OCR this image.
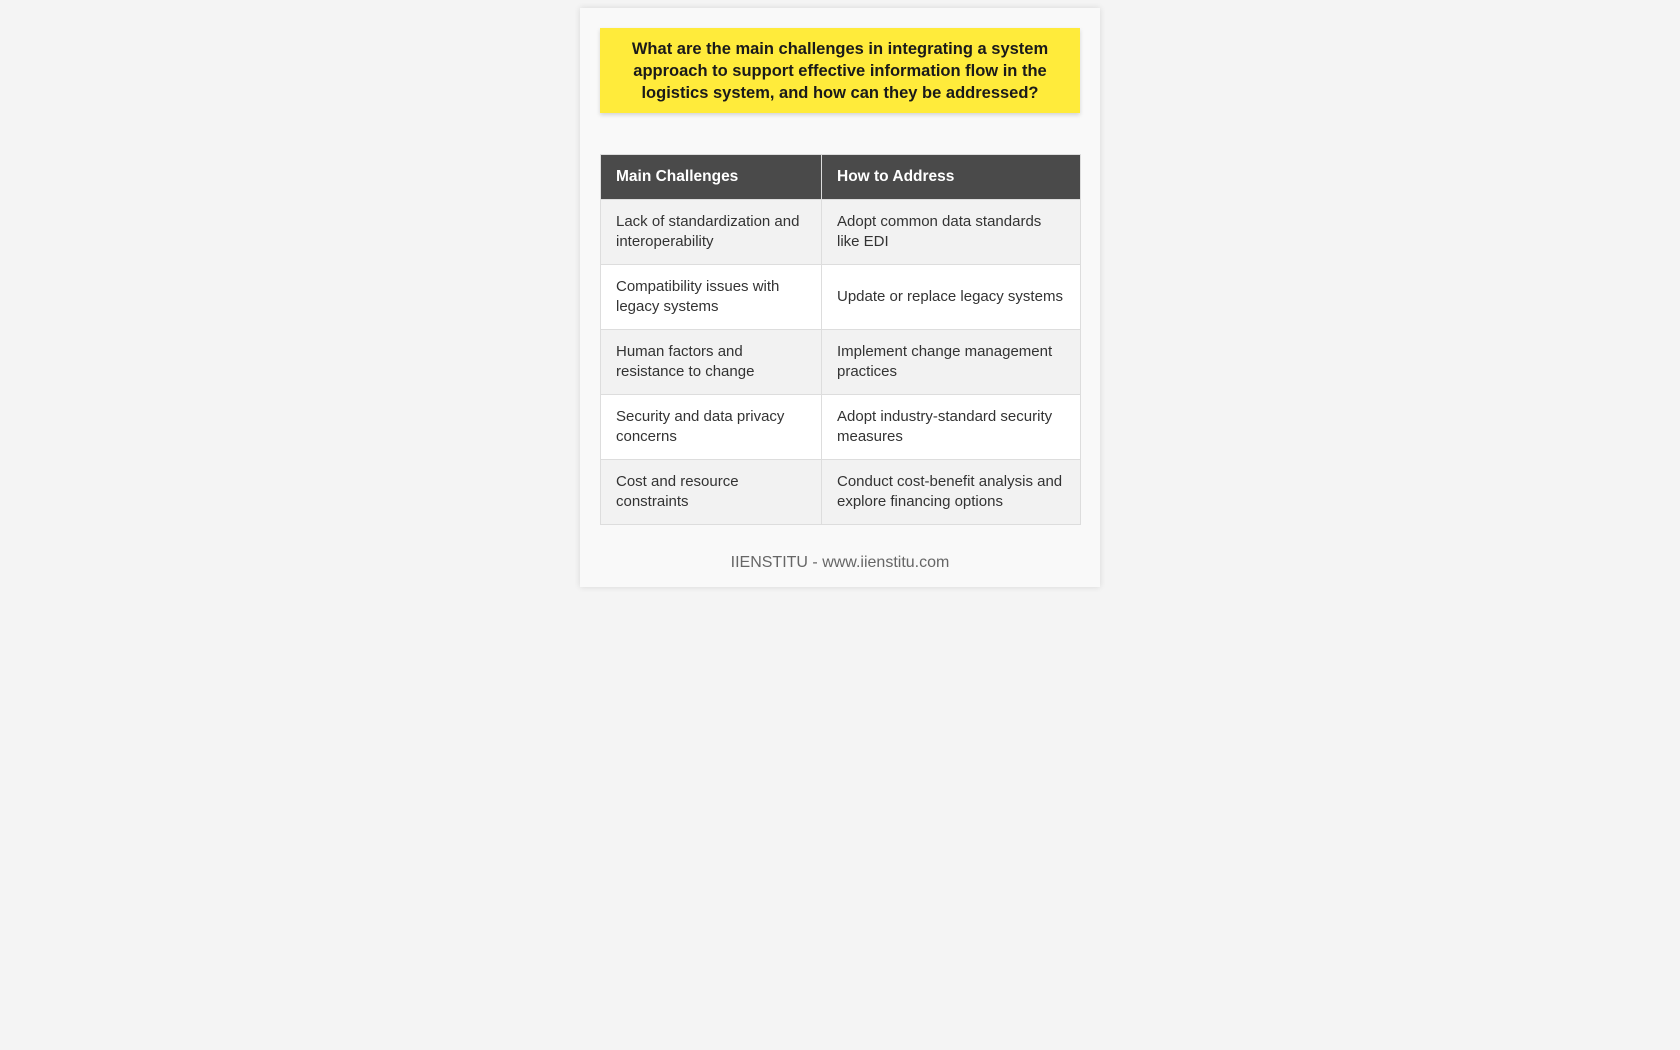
What are the main challenges in integrating a system approach to support effective information flow in the logistics system, and how can they be addressed?
Main Challenges	How to Address
Lack of standardization and interoperability	Adopt common data standards like EDI
Compatibility issues with legacy systems	Update or replace legacy systems
Human factors and resistance to change	Implement change management practices
Security and data privacy concerns	Adopt industry-standard security measures
Cost and resource constraints	Conduct cost-benefit analysis and explore financing options
IIENSTITU - www.iienstitu.com
